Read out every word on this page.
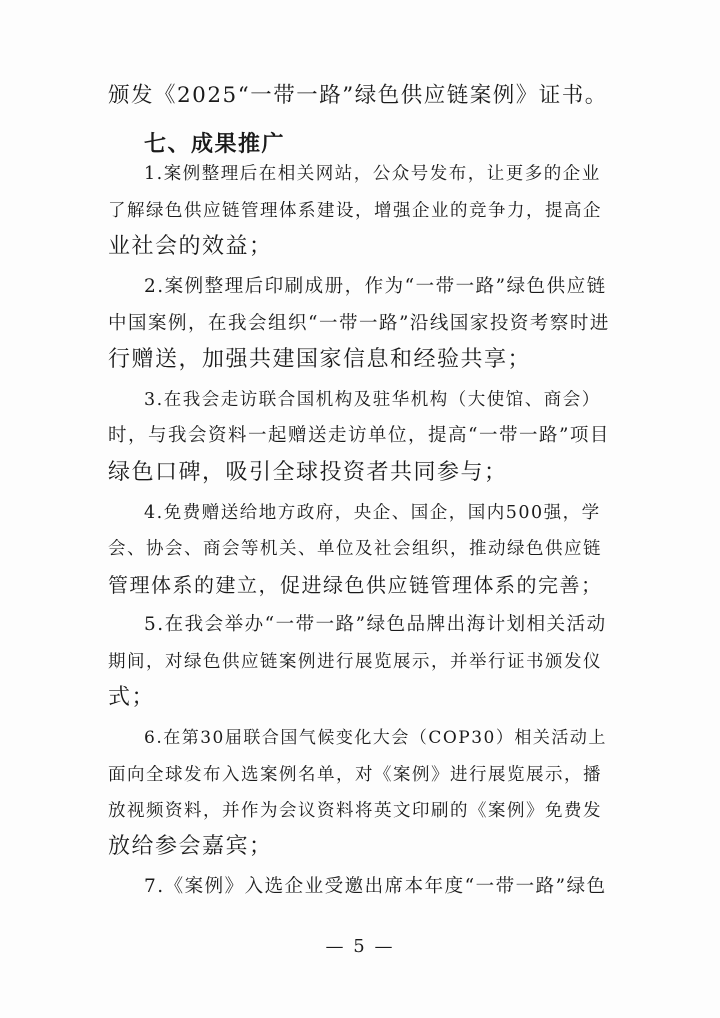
颁发《2025“一带一路”绿色供应链案例》证书。
七、成果推广
1.案例整理后在相关网站，公众号发布，让更多的企业
了解绿色供应链管理体系建设，增强企业的竞争力，提高企
业社会的效益；
2.案例整理后印刷成册，作为“一带一路”绿色供应链
中国案例，在我会组织“一带一路”沿线国家投资考察时进
行赠送，加强共建国家信息和经验共享；
3.在我会走访联合国机构及驻华机构（大使馆、商会）
时，与我会资料一起赠送走访单位，提高“一带一路”项目
绿色口碑，吸引全球投资者共同参与；
4.免费赠送给地方政府，央企、国企，国内500强，学
会、协会、商会等机关、单位及社会组织，推动绿色供应链
管理体系的建立，促进绿色供应链管理体系的完善；
5.在我会举办“一带一路”绿色品牌出海计划相关活动
期间，对绿色供应链案例进行展览展示，并举行证书颁发仪
式；
6.在第30届联合国气候变化大会（COP30）相关活动上
面向全球发布入选案例名单，对《案例》进行展览展示，播
放视频资料，并作为会议资料将英文印刷的《案例》免费发
放给参会嘉宾；
7.《案例》入选企业受邀出席本年度“一带一路”绿色
— 5 —
